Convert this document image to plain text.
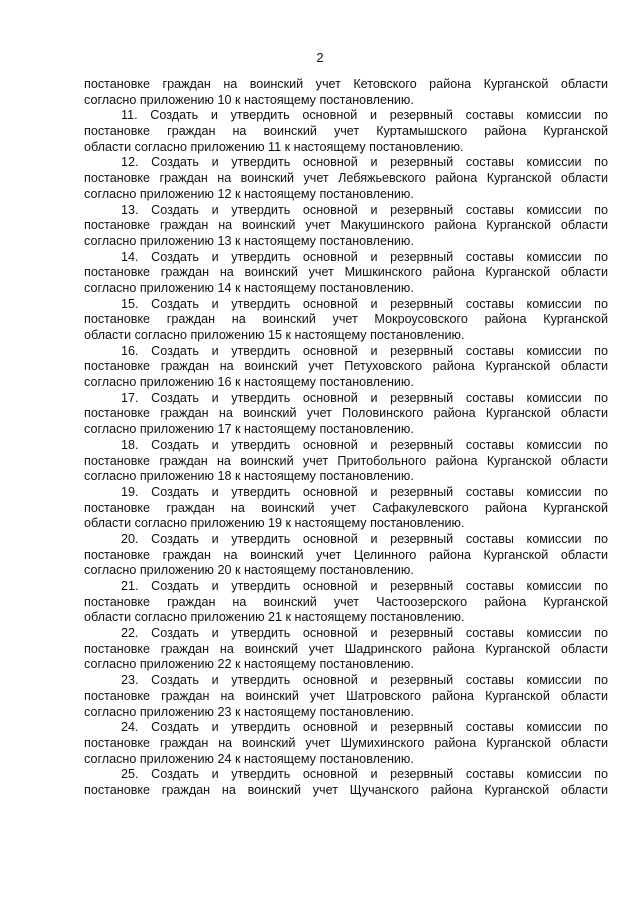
2
постановке граждан на воинский учет Кетовского района Курганской области
согласно приложению 10 к настоящему постановлению.
11. Создать и утвердить основной и резервный составы комиссии по
постановке граждан на воинский учет Куртамышского района Курганской
области согласно приложению 11 к настоящему постановлению.
12. Создать и утвердить основной и резервный составы комиссии по
постановке граждан на воинский учет Лебяжьевского района Курганской области
согласно приложению 12 к настоящему постановлению.
13. Создать и утвердить основной и резервный составы комиссии по
постановке граждан на воинский учет Макушинского района Курганской области
согласно приложению 13 к настоящему постановлению.
14. Создать и утвердить основной и резервный составы комиссии по
постановке граждан на воинский учет Мишкинского района Курганской области
согласно приложению 14 к настоящему постановлению.
15. Создать и утвердить основной и резервный составы комиссии по
постановке граждан на воинский учет Мокроусовского района Курганской
области согласно приложению 15 к настоящему постановлению.
16. Создать и утвердить основной и резервный составы комиссии по
постановке граждан на воинский учет Петуховского района Курганской области
согласно приложению 16 к настоящему постановлению.
17. Создать и утвердить основной и резервный составы комиссии по
постановке граждан на воинский учет Половинского района Курганской области
согласно приложению 17 к настоящему постановлению.
18. Создать и утвердить основной и резервный составы комиссии по
постановке граждан на воинский учет Притобольного района Курганской области
согласно приложению 18 к настоящему постановлению.
19. Создать и утвердить основной и резервный составы комиссии по
постановке граждан на воинский учет Сафакулевского района Курганской
области согласно приложению 19 к настоящему постановлению.
20. Создать и утвердить основной и резервный составы комиссии по
постановке граждан на воинский учет Целинного района Курганской области
согласно приложению 20 к настоящему постановлению.
21. Создать и утвердить основной и резервный составы комиссии по
постановке граждан на воинский учет Частоозерского района Курганской
области согласно приложению 21 к настоящему постановлению.
22. Создать и утвердить основной и резервный составы комиссии по
постановке граждан на воинский учет Шадринского района Курганской области
согласно приложению 22 к настоящему постановлению.
23. Создать и утвердить основной и резервный составы комиссии по
постановке граждан на воинский учет Шатровского района Курганской области
согласно приложению 23 к настоящему постановлению.
24. Создать и утвердить основной и резервный составы комиссии по
постановке граждан на воинский учет Шумихинского района Курганской области
согласно приложению 24 к настоящему постановлению.
25. Создать и утвердить основной и резервный составы комиссии по
постановке граждан на воинский учет Щучанского района Курганской области
